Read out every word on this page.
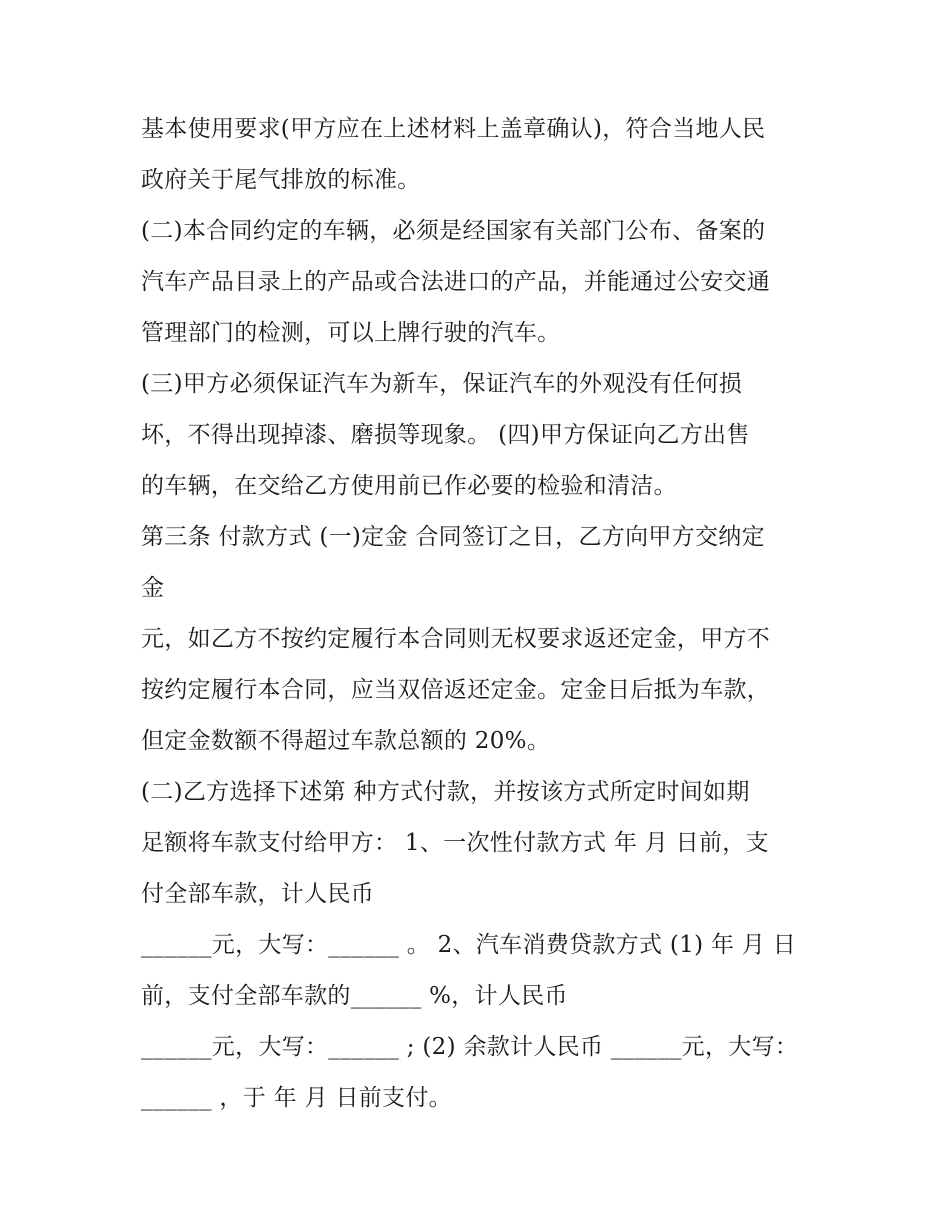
基本使用要求(甲方应在上述材料上盖章确认)，符合当地人民
政府关于尾气排放的标准。
(二)本合同约定的车辆，必须是经国家有关部门公布、备案的
汽车产品目录上的产品或合法进口的产品，并能通过公安交通
管理部门的检测，可以上牌行驶的汽车。
(三)甲方必须保证汽车为新车，保证汽车的外观没有任何损
坏，不得出现掉漆、磨损等现象。 (四)甲方保证向乙方出售
的车辆，在交给乙方使用前已作必要的检验和清洁。
第三条 付款方式 (一)定金 合同签订之日，乙方向甲方交纳定
金
元，如乙方不按约定履行本合同则无权要求返还定金，甲方不
按约定履行本合同，应当双倍返还定金。定金日后抵为车款，
但定金数额不得超过车款总额的 20%。
(二)乙方选择下述第 种方式付款，并按该方式所定时间如期
足额将车款支付给甲方： 1、一次性付款方式 年 月 日前，支
付全部车款，计人民币
______元，大写：______ 。 2、汽车消费贷款方式 (1) 年 月 日
前，支付全部车款的______ %，计人民币
______元，大写：______ ; (2) 余款计人民币 ______元，大写：
______ ，于 年 月 日前支付。
